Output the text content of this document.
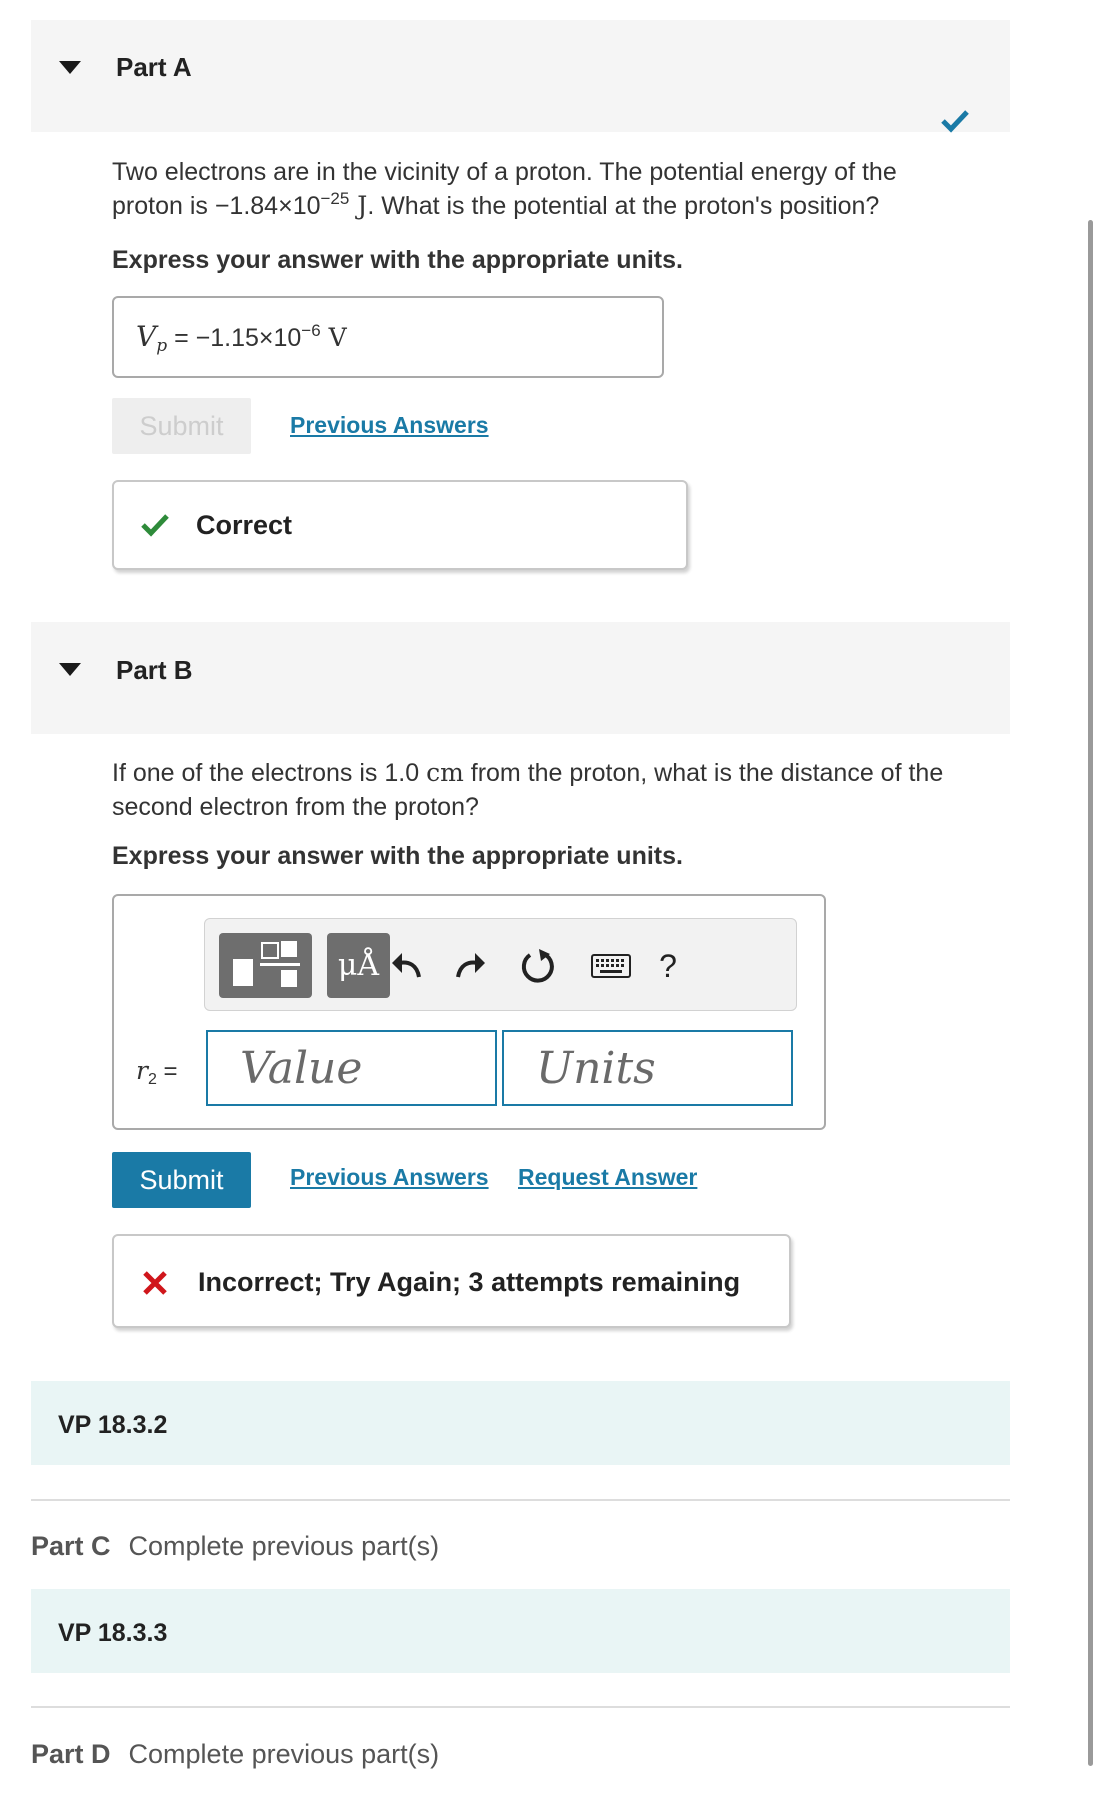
Part A
Two electrons are in the vicinity of a proton. The potential energy of the
proton is $-1.84\times 10^{-25}$ J. What is the potential at the proton's position?
Express your answer with the appropriate units.
$V_p = -1.15\times 10^{-6}$ V
Submit	Previous Answers
Correct
Part B
If one of the electrons is 1.0 cm from the proton, what is the distance of the
second electron from the proton?
Express your answer with the appropriate units.
μÅ	?
$r_2$ =
Value
Units
Submit	Previous Answers Request Answer
Incorrect; Try Again; 3 attempts remaining
VP 18.3.2
Part C Complete previous part(s)
VP 18.3.3
Part D Complete previous part(s)
